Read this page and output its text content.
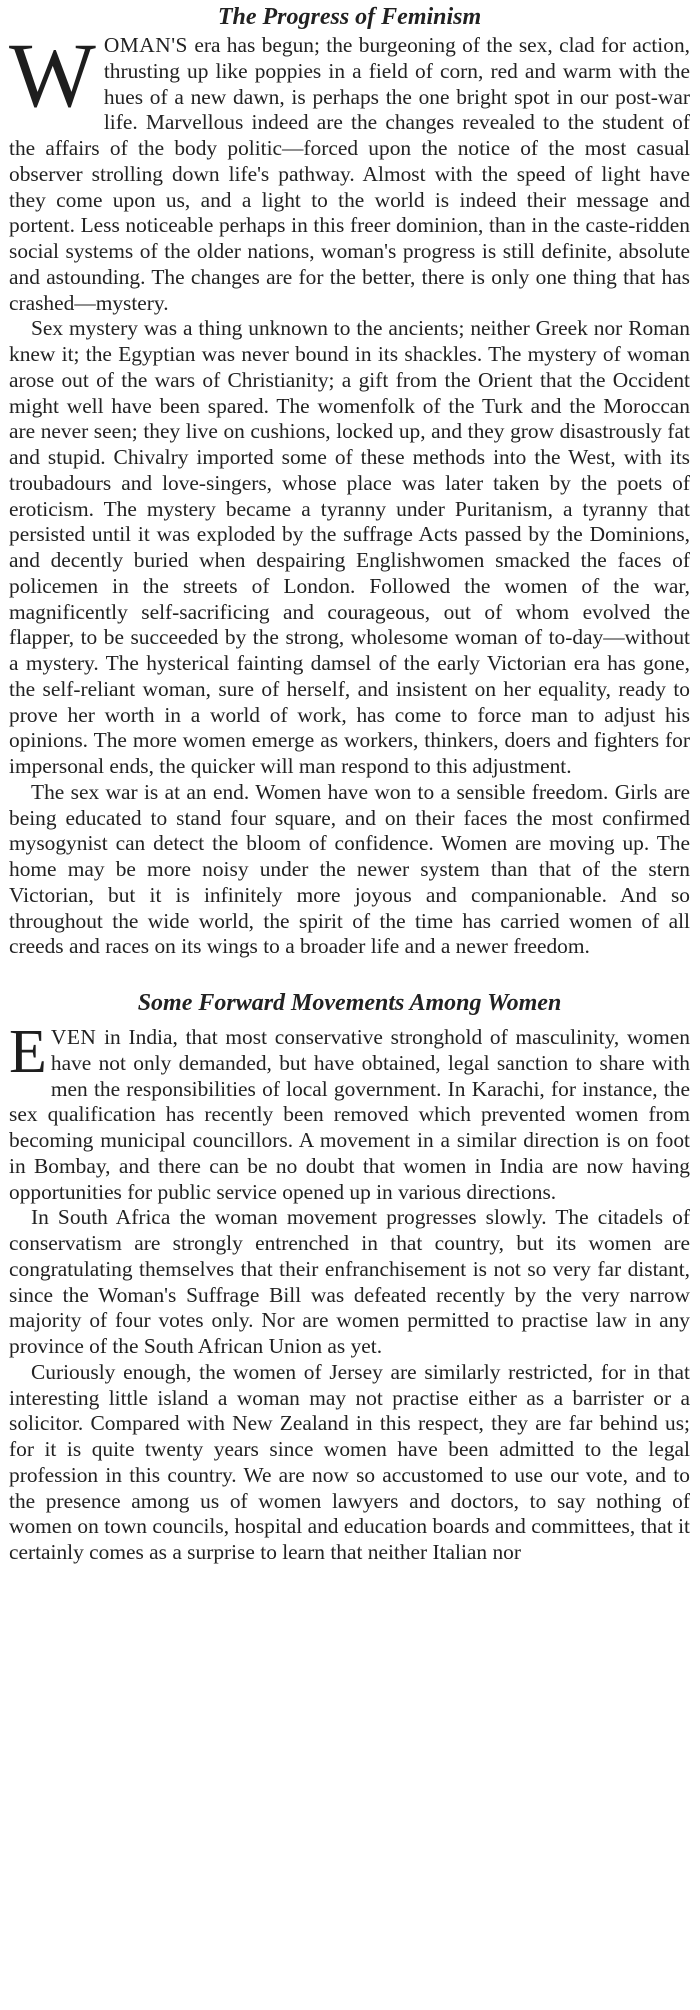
The Progress of Feminism

WOMAN'S era has begun; the burgeoning of the sex, clad for action, thrusting up like poppies in a field of corn, red and warm with the hues of a new dawn, is perhaps the one bright spot in our post-war life. Marvellous indeed are the changes revealed to the student of the affairs of the body politic—forced upon the notice of the most casual observer strolling down life's pathway. Almost with the speed of light have they come upon us, and a light to the world is indeed their message and portent. Less noticeable perhaps in this freer dominion, than in the caste-ridden social systems of the older nations, woman's progress is still definite, absolute and astounding. The changes are for the better, there is only one thing that has crashed—mystery.

Sex mystery was a thing unknown to the ancients; neither Greek nor Roman knew it; the Egyptian was never bound in its shackles. The mystery of woman arose out of the wars of Christianity; a gift from the Orient that the Occident might well have been spared. The womenfolk of the Turk and the Moroccan are never seen; they live on cushions, locked up, and they grow disastrously fat and stupid. Chivalry imported some of these methods into the West, with its troubadours and love-singers, whose place was later taken by the poets of eroticism. The mystery became a tyranny under Puritanism, a tyranny that persisted until it was exploded by the suffrage Acts passed by the Dominions, and decently buried when despairing Englishwomen smacked the faces of policemen in the streets of London. Followed the women of the war, magnificently self-sacrificing and courageous, out of whom evolved the flapper, to be succeeded by the strong, wholesome woman of to-day—without a mystery. The hysterical fainting damsel of the early Victorian era has gone, the self-reliant woman, sure of herself, and insistent on her equality, ready to prove her worth in a world of work, has come to force man to adjust his opinions. The more women emerge as workers, thinkers, doers and fighters for impersonal ends, the quicker will man respond to this adjustment.

The sex war is at an end. Women have won to a sensible freedom. Girls are being educated to stand four square, and on their faces the most confirmed mysogynist can detect the bloom of confidence. Women are moving up. The home may be more noisy under the newer system than that of the stern Victorian, but it is infinitely more joyous and companionable. And so throughout the wide world, the spirit of the time has carried women of all creeds and races on its wings to a broader life and a newer freedom.

Some Forward Movements Among Women

EVEN in India, that most conservative stronghold of masculinity, women have not only demanded, but have obtained, legal sanction to share with men the responsibilities of local government. In Karachi, for instance, the sex qualification has recently been removed which prevented women from becoming municipal councillors. A movement in a similar direction is on foot in Bombay, and there can be no doubt that women in India are now having opportunities for public service opened up in various directions.

In South Africa the woman movement progresses slowly. The citadels of conservatism are strongly entrenched in that country, but its women are congratulating themselves that their enfranchisement is not so very far distant, since the Woman's Suffrage Bill was defeated recently by the very narrow majority of four votes only. Nor are women permitted to practise law in any province of the South African Union as yet.

Curiously enough, the women of Jersey are similarly restricted, for in that interesting little island a woman may not practise either as a barrister or a solicitor. Compared with New Zealand in this respect, they are far behind us; for it is quite twenty years since women have been admitted to the legal profession in this country. We are now so accustomed to use our vote, and to the presence among us of women lawyers and doctors, to say nothing of women on town councils, hospital and education boards and committees, that it certainly comes as a surprise to learn that neither Italian nor
